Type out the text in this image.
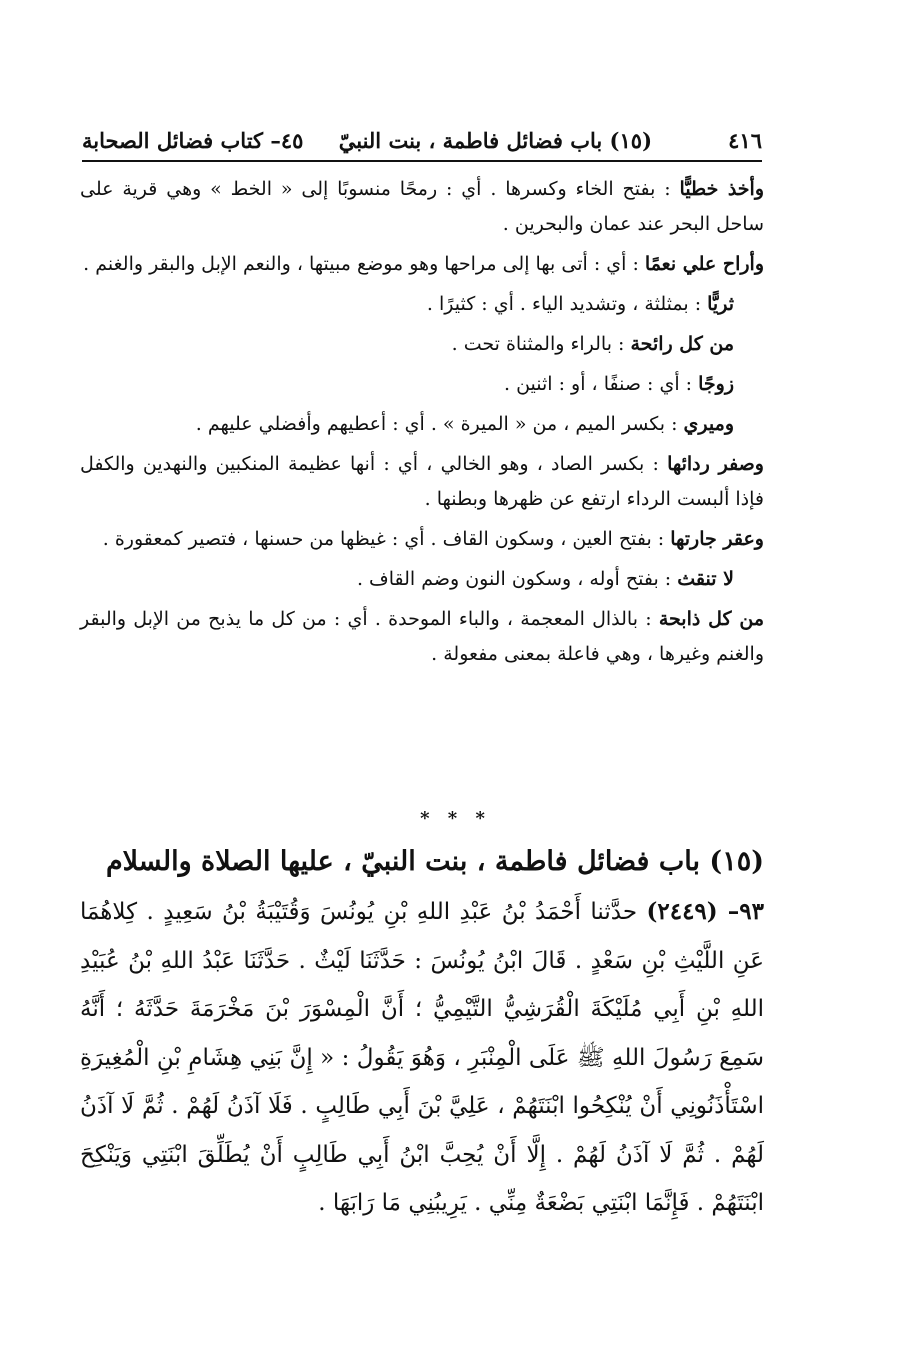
٤١٦
(١٥) باب فضائل فاطمة ، بنت النبيّ
٤٥– كتاب فضائل الصحابة

وأخذ خطيًّا : بفتح الخاء وكسرها . أي : رمحًا منسوبًا إلى « الخط » وهي قرية على ساحل البحر عند عمان والبحرين .

وأراح علي نعمًا : أي : أتى بها إلى مراحها وهو موضع مبيتها ، والنعم الإبل والبقر والغنم .

ثريًّا : بمثلثة ، وتشديد الياء . أي : كثيرًا .

من كل رائحة : بالراء والمثناة تحت .

زوجًا : أي : صنفًا ، أو : اثنين .

وميري : بكسر الميم ، من « الميرة » . أي : أعطيهم وأفضلي عليهم .

وصفر ردائها : بكسر الصاد ، وهو الخالي ، أي : أنها عظيمة المنكبين والنهدين والكفل فإذا ألبست الرداء ارتفع عن ظهرها وبطنها .

وعقر جارتها : بفتح العين ، وسكون القاف . أي : غيظها من حسنها ، فتصير كمعقورة .

لا تنقث : بفتح أوله ، وسكون النون وضم القاف .

من كل ذابحة : بالذال المعجمة ، والباء الموحدة . أي : من كل ما يذبح من الإبل والبقر والغنم وغيرها ، وهي فاعلة بمعنى مفعولة .

* * *
(١٥) باب فضائل فاطمة ، بنت النبيّ ، عليها الصلاة والسلام
٩٣– (٢٤٤٩) حدَّثنا أَحْمَدُ بْنُ عَبْدِ اللهِ بْنِ يُونُسَ وَقُتَيْبَةُ بْنُ سَعِيدٍ . كِلاهُمَا عَنِ اللَّيْثِ بْنِ سَعْدٍ . قَالَ ابْنُ يُونُسَ : حَدَّثَنَا لَيْثٌ . حَدَّثَنَا عَبْدُ اللهِ بْنُ عُبَيْدِ اللهِ بْنِ أَبِي مُلَيْكَةَ الْقُرَشِيُّ التَّيْمِيُّ ؛ أَنَّ الْمِسْوَرَ بْنَ مَخْرَمَةَ حَدَّثَهُ ؛ أَنَّهُ سَمِعَ رَسُولَ اللهِ ﷺ عَلَى الْمِنْبَرِ ، وَهُوَ يَقُولُ : « إِنَّ بَنِي هِشَامِ بْنِ الْمُغِيرَةِ اسْتَأْذَنُونِي أَنْ يُنْكِحُوا ابْنَتَهُمْ ، عَلِيَّ بْنَ أَبِي طَالِبٍ . فَلَا آذَنُ لَهُمْ . ثُمَّ لَا آذَنُ لَهُمْ . ثُمَّ لَا آذَنُ لَهُمْ . إِلَّا أَنْ يُحِبَّ ابْنُ أَبِي طَالِبٍ أَنْ يُطَلِّقَ ابْنَتِي وَيَنْكِحَ ابْنَتَهُمْ . فَإِنَّمَا ابْنَتِي بَضْعَةٌ مِنِّي . يَرِيبُنِي مَا رَابَهَا .
